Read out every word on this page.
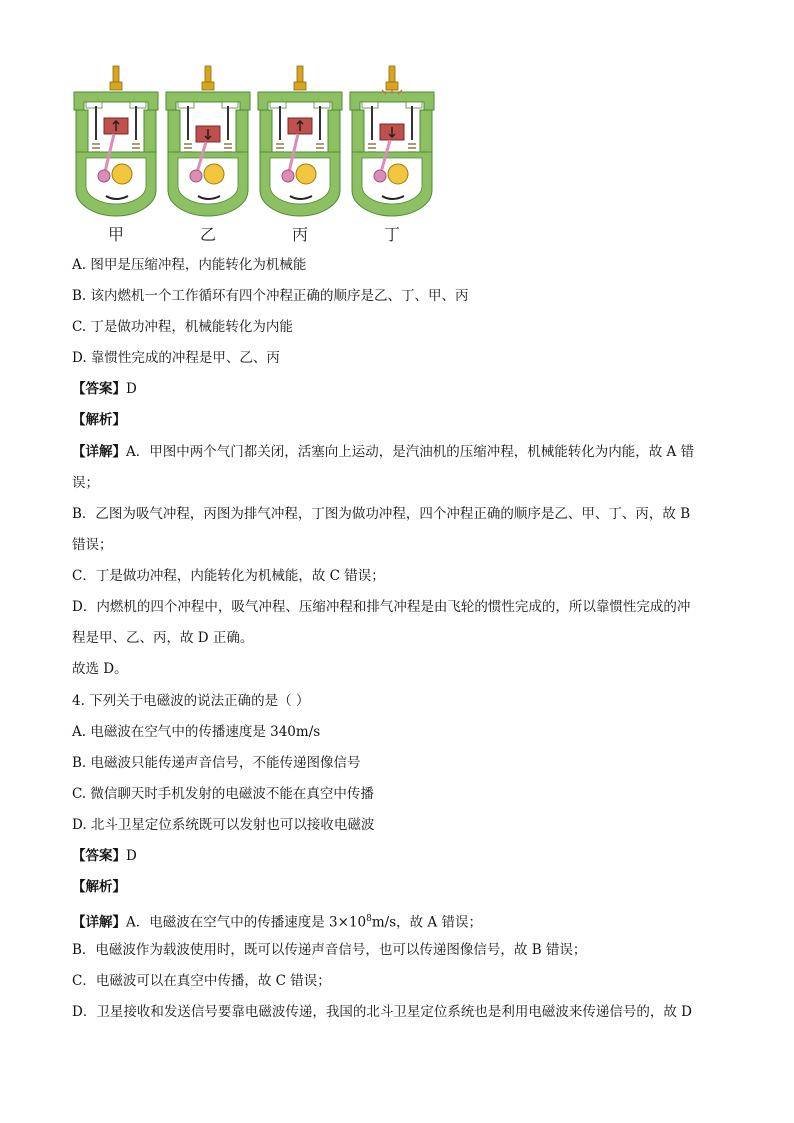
甲	乙	丙	丁
A. 图甲是压缩冲程，内能转化为机械能
B. 该内燃机一个工作循环有四个冲程正确的顺序是乙、丁、甲、丙
C. 丁是做功冲程，机械能转化为内能
D. 靠惯性完成的冲程是甲、乙、丙
【答案】D
【解析】
【详解】A．甲图中两个气门都关闭，活塞向上运动，是汽油机的压缩冲程，机械能转化为内能，故 A 错
误；
B．乙图为吸气冲程，丙图为排气冲程，丁图为做功冲程，四个冲程正确的顺序是乙、甲、丁、丙，故 B
错误；
C．丁是做功冲程，内能转化为机械能，故 C 错误；
D．内燃机的四个冲程中，吸气冲程、压缩冲程和排气冲程是由飞轮的惯性完成的，所以靠惯性完成的冲
程是甲、乙、丙，故 D 正确。
故选 D。
4. 下列关于电磁波的说法正确的是（ ）
A. 电磁波在空气中的传播速度是 340m/s
B. 电磁波只能传递声音信号，不能传递图像信号
C. 微信聊天时手机发射的电磁波不能在真空中传播
D. 北斗卫星定位系统既可以发射也可以接收电磁波
【答案】D
【解析】
【详解】A．电磁波在空气中的传播速度是 $3\times 10^8m/s$，故 A 错误；
B．电磁波作为载波使用时，既可以传递声音信号，也可以传递图像信号，故 B 错误；
C．电磁波可以在真空中传播，故 C 错误；
D．卫星接收和发送信号要靠电磁波传递，我国的北斗卫星定位系统也是利用电磁波来传递信号的，故 D
